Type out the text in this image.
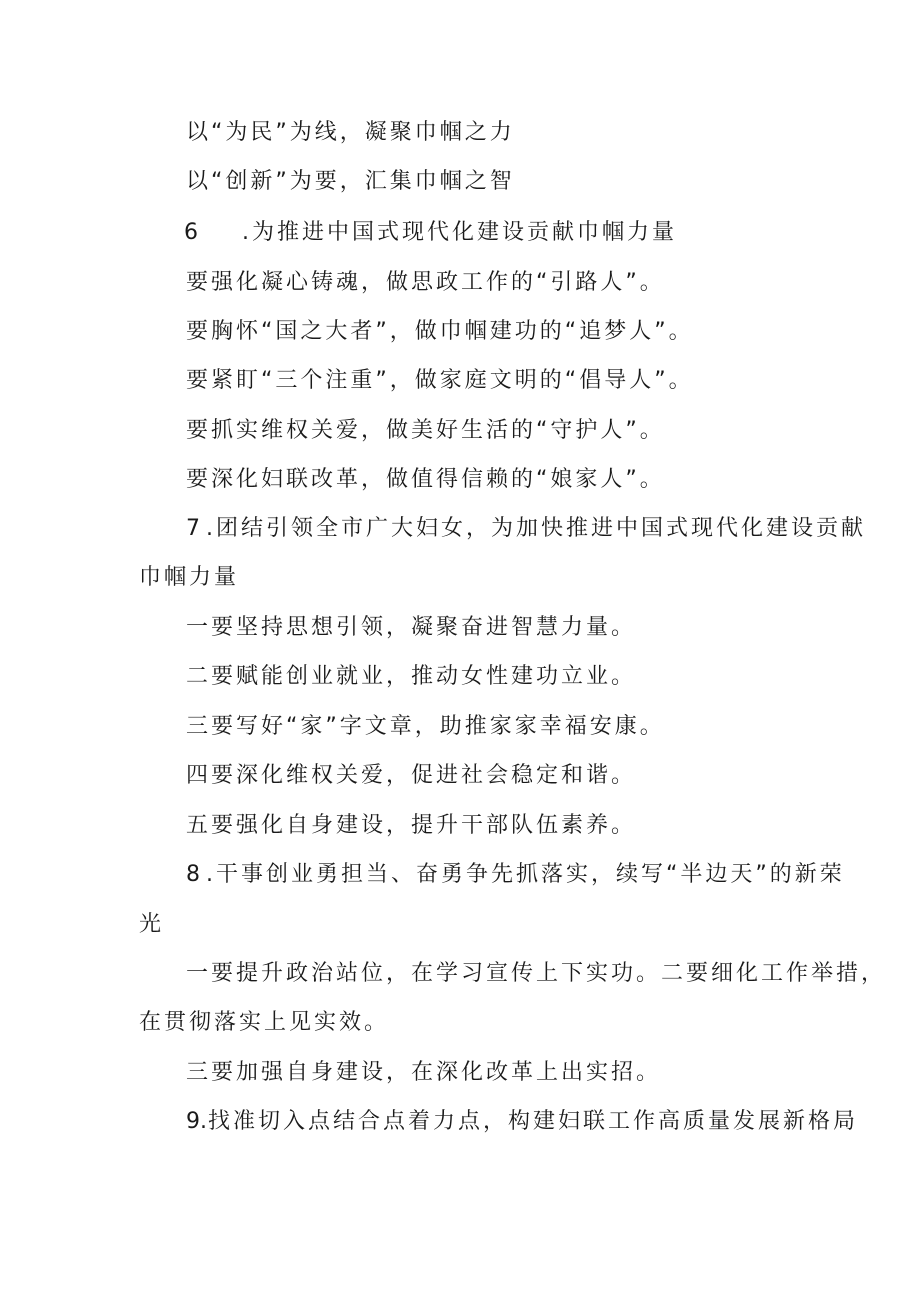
以“为民”为线，凝聚巾帼之力
以“创新”为要，汇集巾帼之智
6 .为推进中国式现代化建设贡献巾帼力量
要强化凝心铸魂，做思政工作的“引路人”。
要胸怀“国之大者”，做巾帼建功的“追梦人”。
要紧盯“三个注重”，做家庭文明的“倡导人”。
要抓实维权关爱，做美好生活的“守护人”。
要深化妇联改革，做值得信赖的“娘家人”。
7 .团结引领全市广大妇女，为加快推进中国式现代化建设贡献
巾帼力量
一要坚持思想引领，凝聚奋进智慧力量。
二要赋能创业就业，推动女性建功立业。
三要写好“家”字文章，助推家家幸福安康。
四要深化维权关爱，促进社会稳定和谐。
五要强化自身建设，提升干部队伍素养。
8 .干事创业勇担当、奋勇争先抓落实，续写“半边天”的新荣
光
一要提升政治站位，在学习宣传上下实功。二要细化工作举措，
在贯彻落实上见实效。
三要加强自身建设，在深化改革上出实招。
9.找准切入点结合点着力点，构建妇联工作高质量发展新格局
